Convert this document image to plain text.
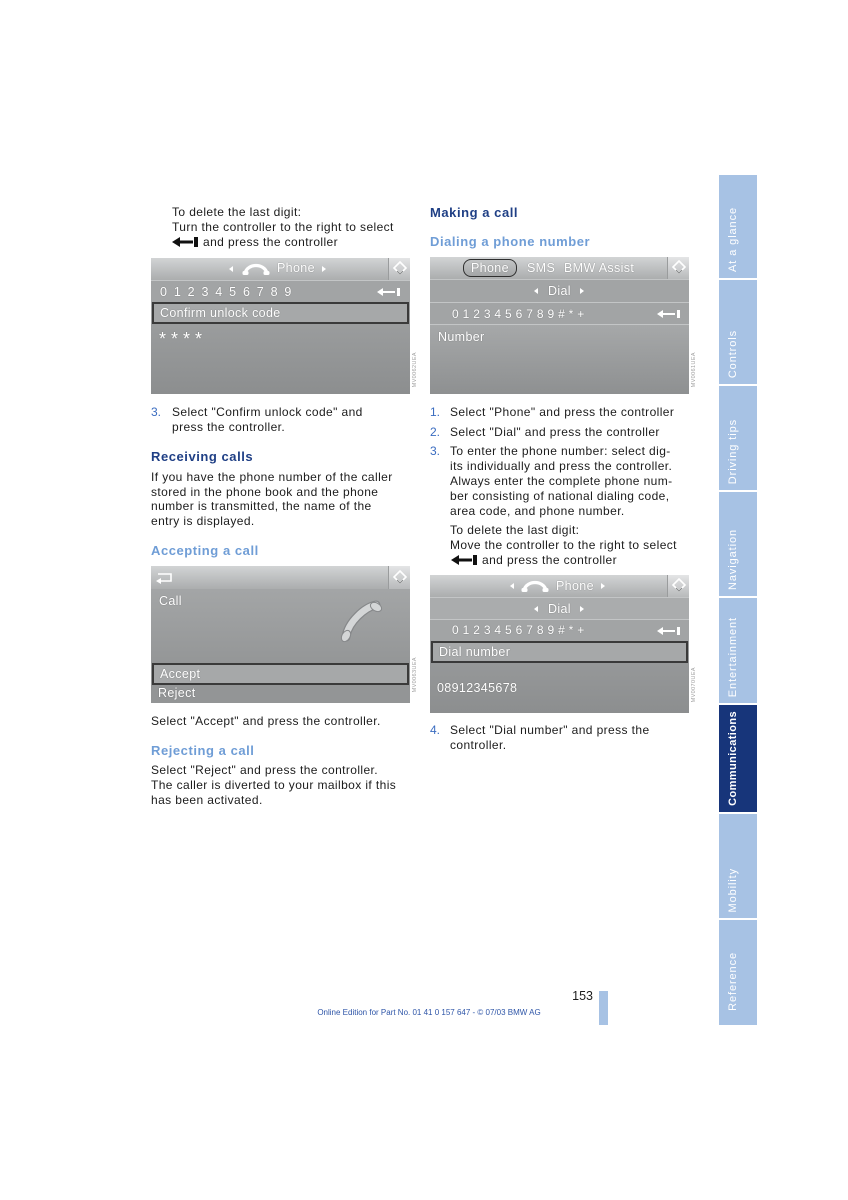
At a glance
Controls
Driving tips
Navigation
Entertainment
Communications
Mobility
Reference
To delete the last digit:
Turn the controller to the right to select
and press the controller
Phone
0 1 2 3 4 5 6 7 8 9
Confirm unlock code
****
MV0062UEA
3. Select "Confirm unlock code" and
press the controller.
Receiving calls
If you have the phone number of the caller
stored in the phone book and the phone
number is transmitted, the name of the
entry is displayed.
Accepting a call
Call
Accept
Reject
MV0063UEA
Select "Accept" and press the controller.
Rejecting a call
Select "Reject" and press the controller.
The caller is diverted to your mailbox if this
has been activated.
Making a call
Dialing a phone number
Phone SMS BMW Assist
Dial
0 1 2 3 4 5 6 7 8 9 # * +
Number
MV0061UEA
1. Select "Phone" and press the controller
2. Select "Dial" and press the controller
3. To enter the phone number: select dig-
its individually and press the controller.
Always enter the complete phone num-
ber consisting of national dialing code,
area code, and phone number.
To delete the last digit:
Move the controller to the right to select
and press the controller
Phone
Dial
0 1 2 3 4 5 6 7 8 9 # * +
Dial number
08912345678	MV0070UEA
4. Select "Dial number" and press the
controller.
153
Online Edition for Part No. 01 41 0 157 647 - © 07/03 BMW AG
